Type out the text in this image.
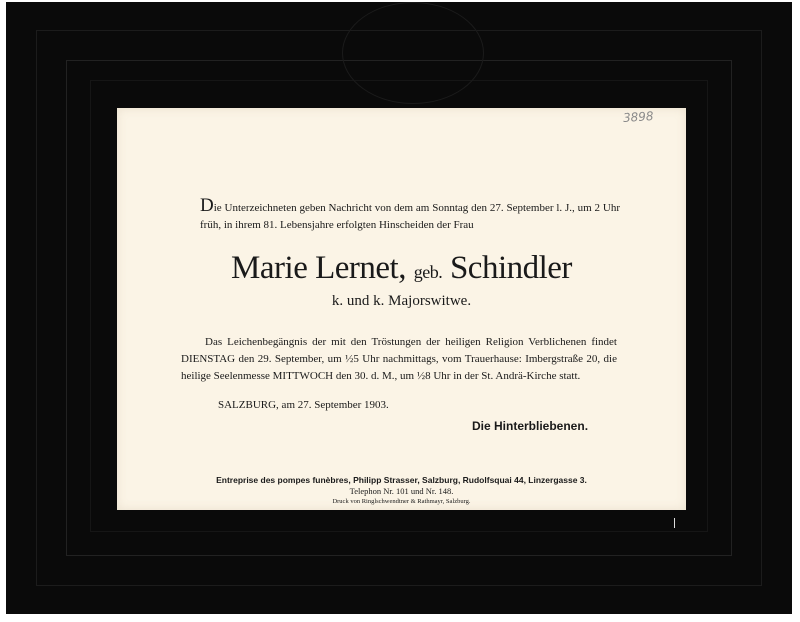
3898
Die Unterzeichneten geben Nachricht von dem am Sonntag den 27. September l. J., um 2 Uhr früh, in ihrem 81. Lebensjahre erfolgten Hinscheiden der Frau
Marie Lernet, geb. Schindler
k. und k. Majorswitwe.
Das Leichenbegängnis der mit den Tröstungen der heiligen Religion Verblichenen findet DIENSTAG den 29. September, um ½5 Uhr nachmittags, vom Trauerhause: Imbergstraße 20, die heilige Seelenmesse MITTWOCH den 30. d. M., um ½8 Uhr in der St. Andrä-Kirche statt.
SALZBURG, am 27. September 1903.
Die Hinterbliebenen.
Entreprise des pompes funèbres, Philipp Strasser, Salzburg, Rudolfsquai 44, Linzergasse 3.
Telephon Nr. 101 und Nr. 148.
Druck von Ringlschwendtner & Rathmayr, Salzburg.
